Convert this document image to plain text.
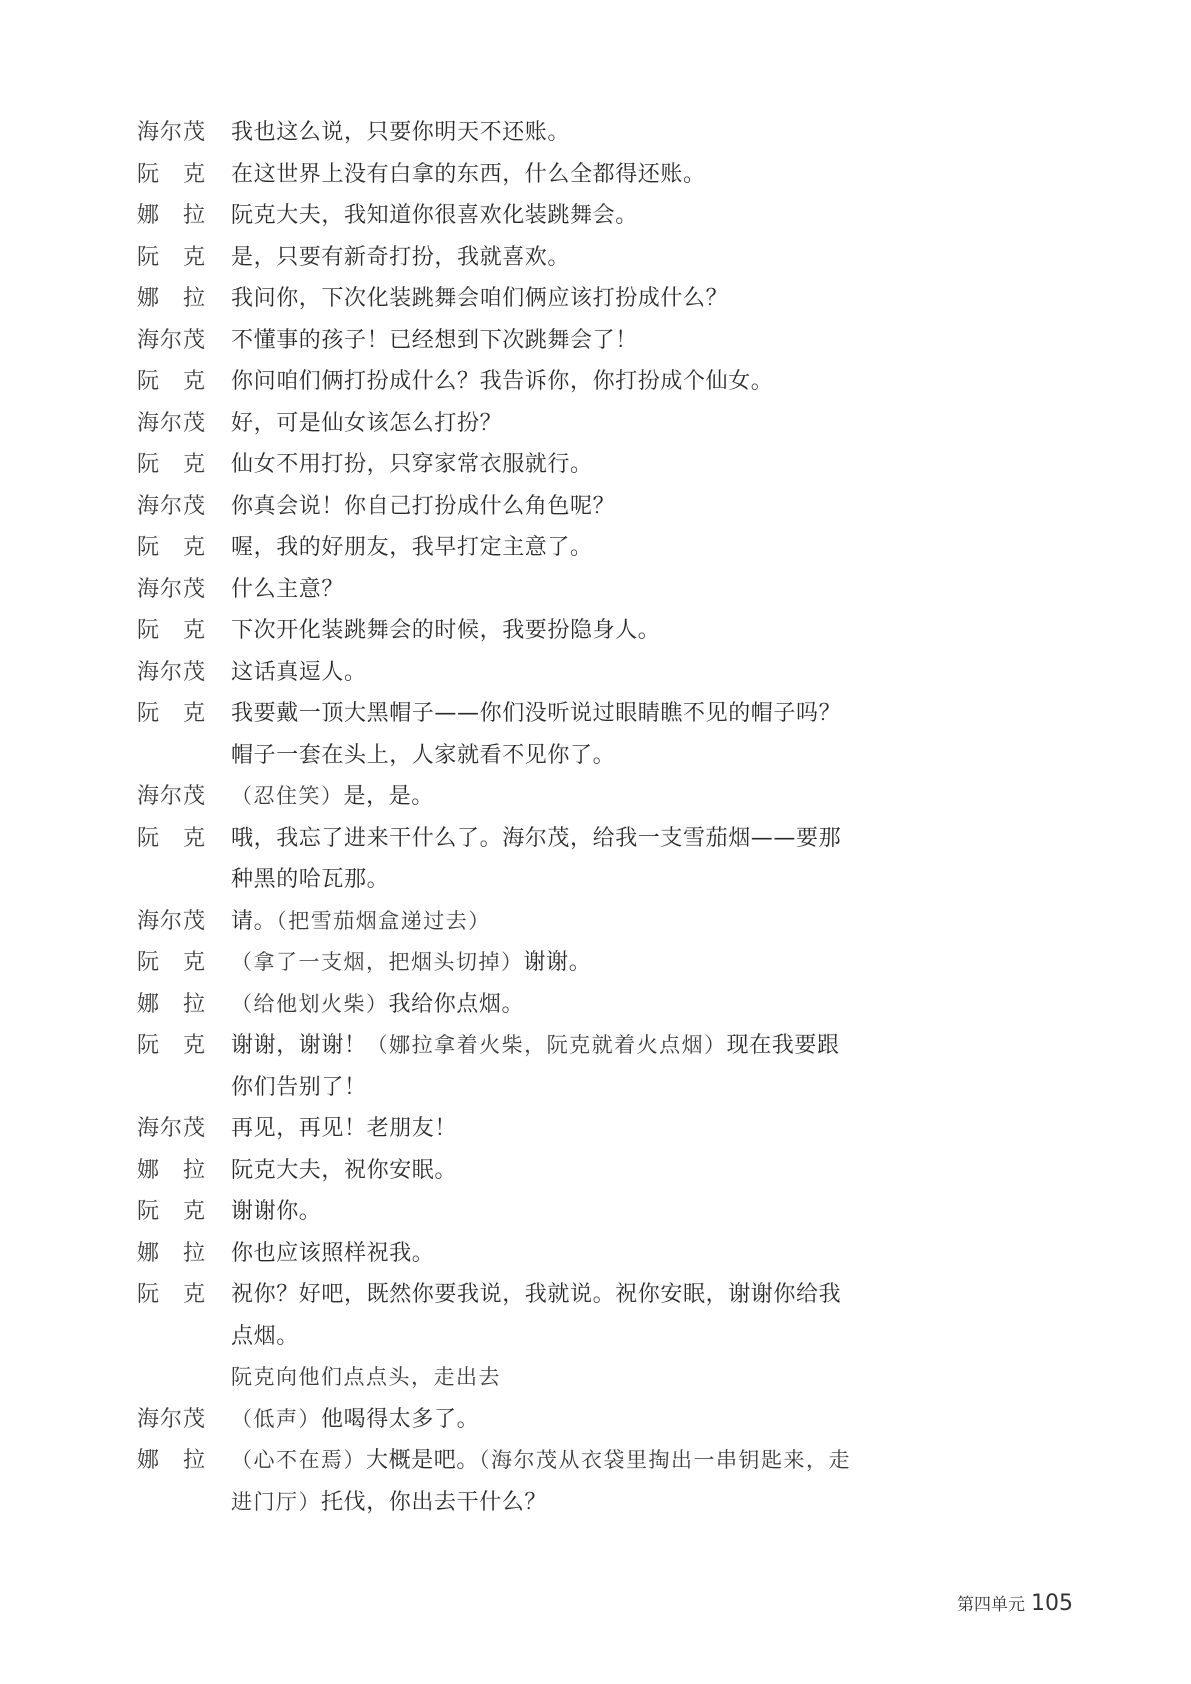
海尔茂	我也这么说，只要你明天不还账。
阮　克	在这世界上没有白拿的东西，什么全都得还账。
娜　拉	阮克大夫，我知道你很喜欢化装跳舞会。
阮　克	是，只要有新奇打扮，我就喜欢。
娜　拉	我问你，下次化装跳舞会咱们俩应该打扮成什么？
海尔茂	不懂事的孩子！已经想到下次跳舞会了！
阮　克	你问咱们俩打扮成什么？我告诉你，你打扮成个仙女。
海尔茂	好，可是仙女该怎么打扮？
阮　克	仙女不用打扮，只穿家常衣服就行。
海尔茂	你真会说！你自己打扮成什么角色呢？
阮　克	喔，我的好朋友，我早打定主意了。
海尔茂	什么主意？
阮　克	下次开化装跳舞会的时候，我要扮隐身人。
海尔茂	这话真逗人。
阮　克	我要戴一顶大黑帽子——你们没听说过眼睛瞧不见的帽子吗？
帽子一套在头上，人家就看不见你了。
海尔茂	（忍住笑）是，是。
阮　克	哦，我忘了进来干什么了。海尔茂，给我一支雪茄烟——要那
种黑的哈瓦那。
海尔茂	请。（把雪茄烟盒递过去）
阮　克	（拿了一支烟，把烟头切掉）谢谢。
娜　拉	（给他划火柴）我给你点烟。
阮　克	谢谢，谢谢！（娜拉拿着火柴，阮克就着火点烟）现在我要跟
你们告别了！
海尔茂	再见，再见！老朋友！
娜　拉	阮克大夫，祝你安眠。
阮　克	谢谢你。
娜　拉	你也应该照样祝我。
阮　克	祝你？好吧，既然你要我说，我就说。祝你安眠，谢谢你给我
点烟。
阮克向他们点点头，走出去
海尔茂	（低声）他喝得太多了。
娜　拉	（心不在焉）大概是吧。（海尔茂从衣袋里掏出一串钥匙来，走
进门厅）托伐，你出去干什么？
第四单元 105
